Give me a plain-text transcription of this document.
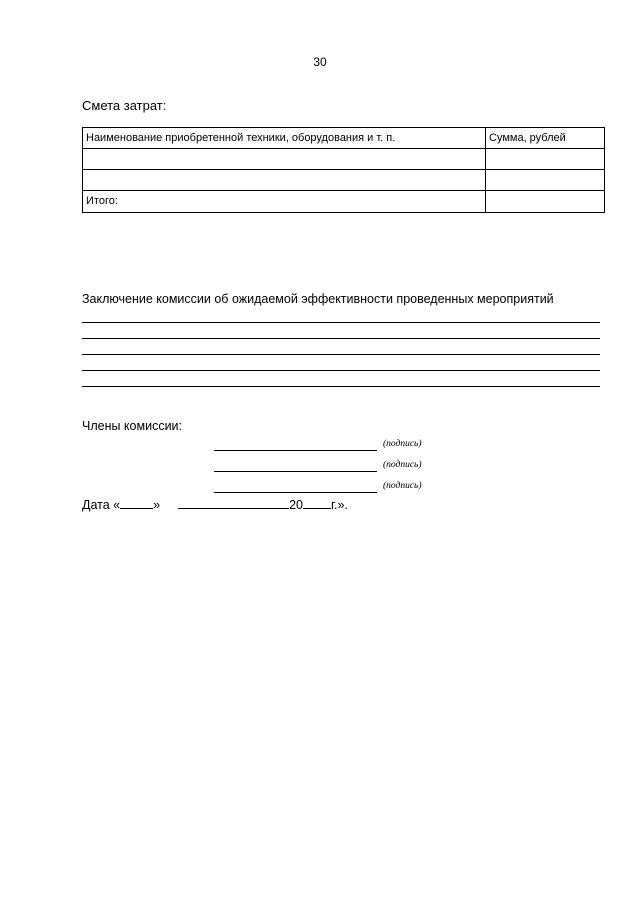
30
Смета затрат:
Наименование приобретенной техники, оборудования и т. п.	Сумма, рублей
Итого:
Заключение комиссии об ожидаемой эффективности проведенных мероприятий
Члены комиссии:
(подпись)
(подпись)
(подпись)
Дата «	»	20 г.».
